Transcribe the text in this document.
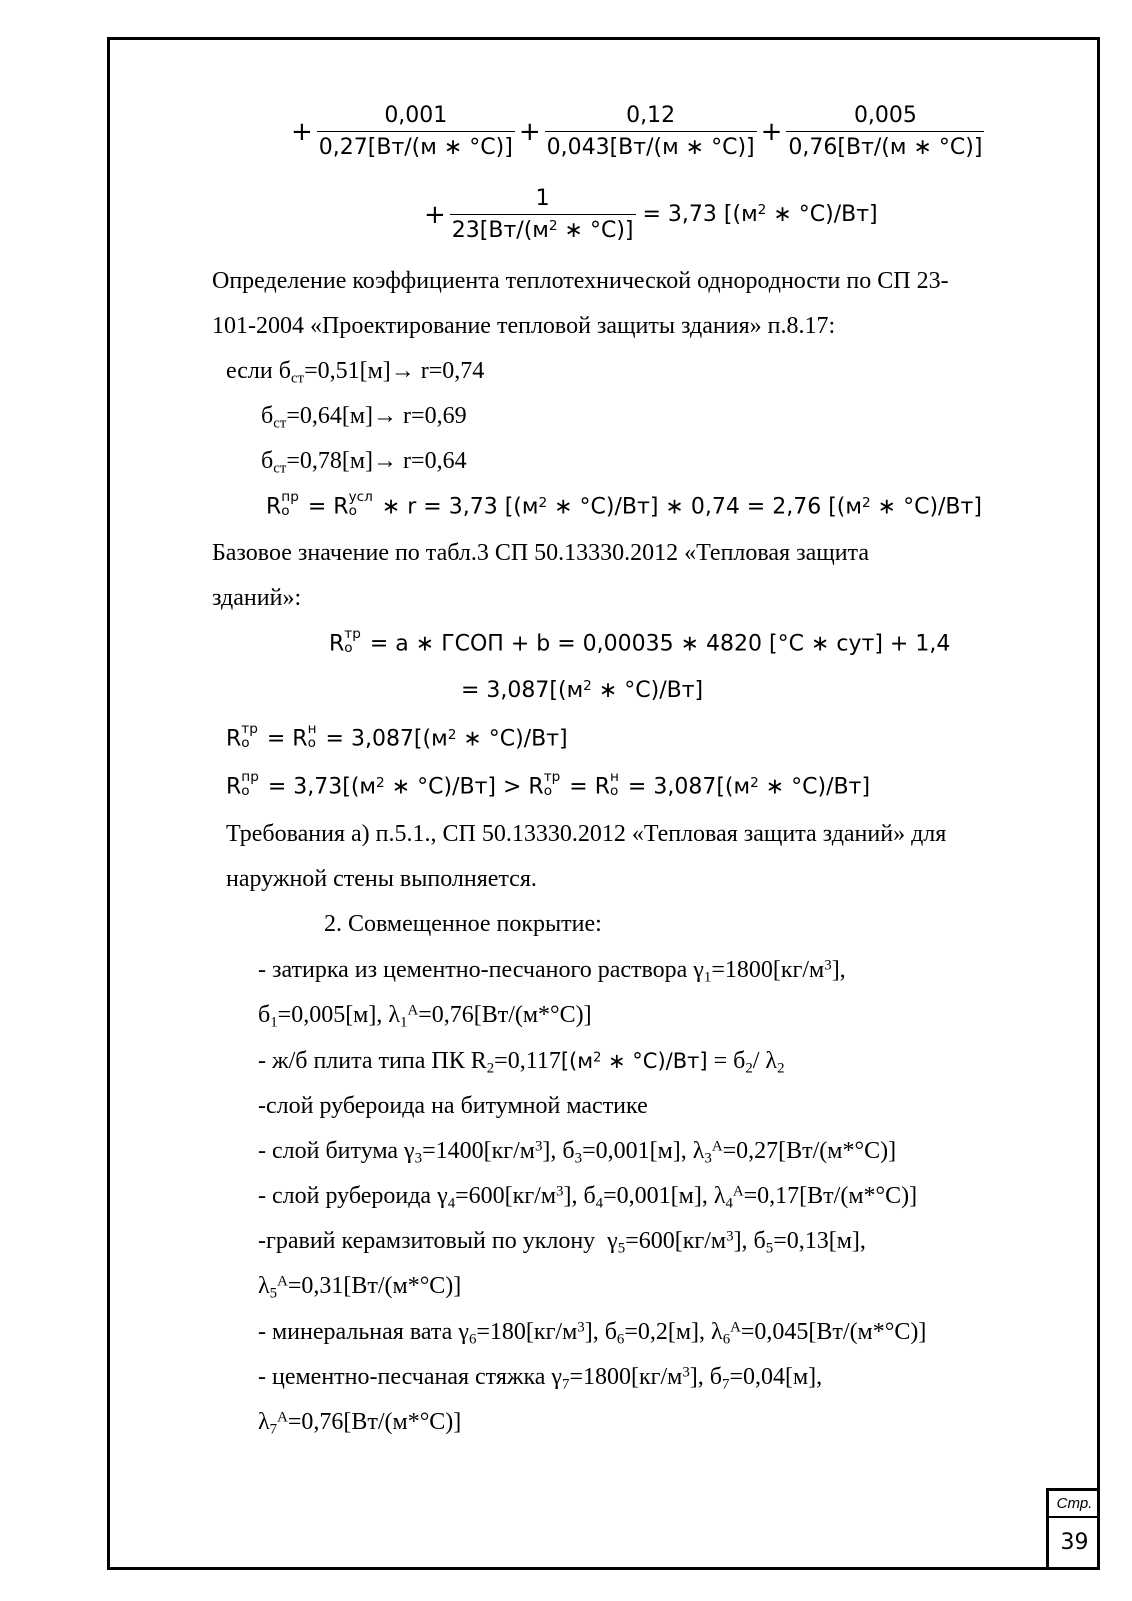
+ $\frac{0,001}{0,27[Вт/(м ∗ ^\circ С)]} + \frac{0,12}{0,043[Вт/(м ∗ ^\circ С)]} + \frac{0,005}{0,76[Вт/(м ∗ ^\circ С)]}$
+ $\frac{1}{23[Вт/(м^2 ∗ ^\circ С)]} = 3,73$ [($м^2$ ∗ °С)/Вт]
Определение коэффициента теплотехнической однородности по СП 23-
101-2004 «Проектирование тепловой защиты здания» п.8.17:
если $б_{ст}=0,51[м]\to r=0,74$
$б_{ст}=0,64[м]\to r=0,69$
$б_{ст}=0,78[м]\to r=0,64$
R пр
о = R усл
о ∗ r = 3,73 [($м^2$ ∗ °С)/Вт] ∗ 0,74 = 2,76 [($м^2$ ∗ °С)/Вт]
Базовое значение по табл.3 СП 50.13330.2012 «Тепловая защита
зданий»:
R тр
о = a ∗ ГСОП + b = 0,00035 ∗ 4820 [°С ∗ сут] + 1,4
= $3,087[(м^2$ ∗ °С)/Вт]
R тр
о = R н
$о = 3,087[(м^2$ ∗ °С)/Вт]
R пр
$о = 3,73[(м^2$ ∗ °С)/Вт] > R тр
о = R н
$о = 3,087[(м^2$ ∗ °С)/Вт]
Требования а) п.5.1., СП 50.13330.2012 «Тепловая защита зданий» для
наружной стены выполняется.
2. Совмещенное покрытие:
- затирка из цементно-песчаного раствора $\gamma_1=1800[кг/м^3]$,
$б_1=0,005[м]$, $\lambda_1^А=0,76[Вт/(м*^\circ С)]$
- ж/б плита типа ПК $R_2=0,117[(м^2$ ∗ $^\circ С)/Вт] = б_2/$ $\lambda_2$
-слой рубероида на битумной мастике
- слой битума $\gamma_3=1400[кг/м^3]$, $б_3=0,001[м]$, $\lambda_3^А=0,27[Вт/(м*^\circ С)]$
- слой рубероида $\gamma_4=600[кг/м^3]$, $б_4=0,001[м]$, $\lambda_4^А=0,17[Вт/(м*^\circ С)]$
-гравий керамзитовый по уклону  $\gamma_5=600[кг/м^3]$, $б_5=0,13[м]$,
$\lambda_5^А=0,31[Вт/(м*^\circ С)]$
- минеральная вата $\gamma_6=180[кг/м^3]$, $б_6=0,2[м]$, $\lambda_6^А=0,045[Вт/(м*^\circ С)]$
- цементно-песчаная стяжка $\gamma_7=1800[кг/м^3]$, $б_7=0,04[м]$,
$\lambda_7^А=0,76[Вт/(м*^\circ С)]$
Стр.
39
